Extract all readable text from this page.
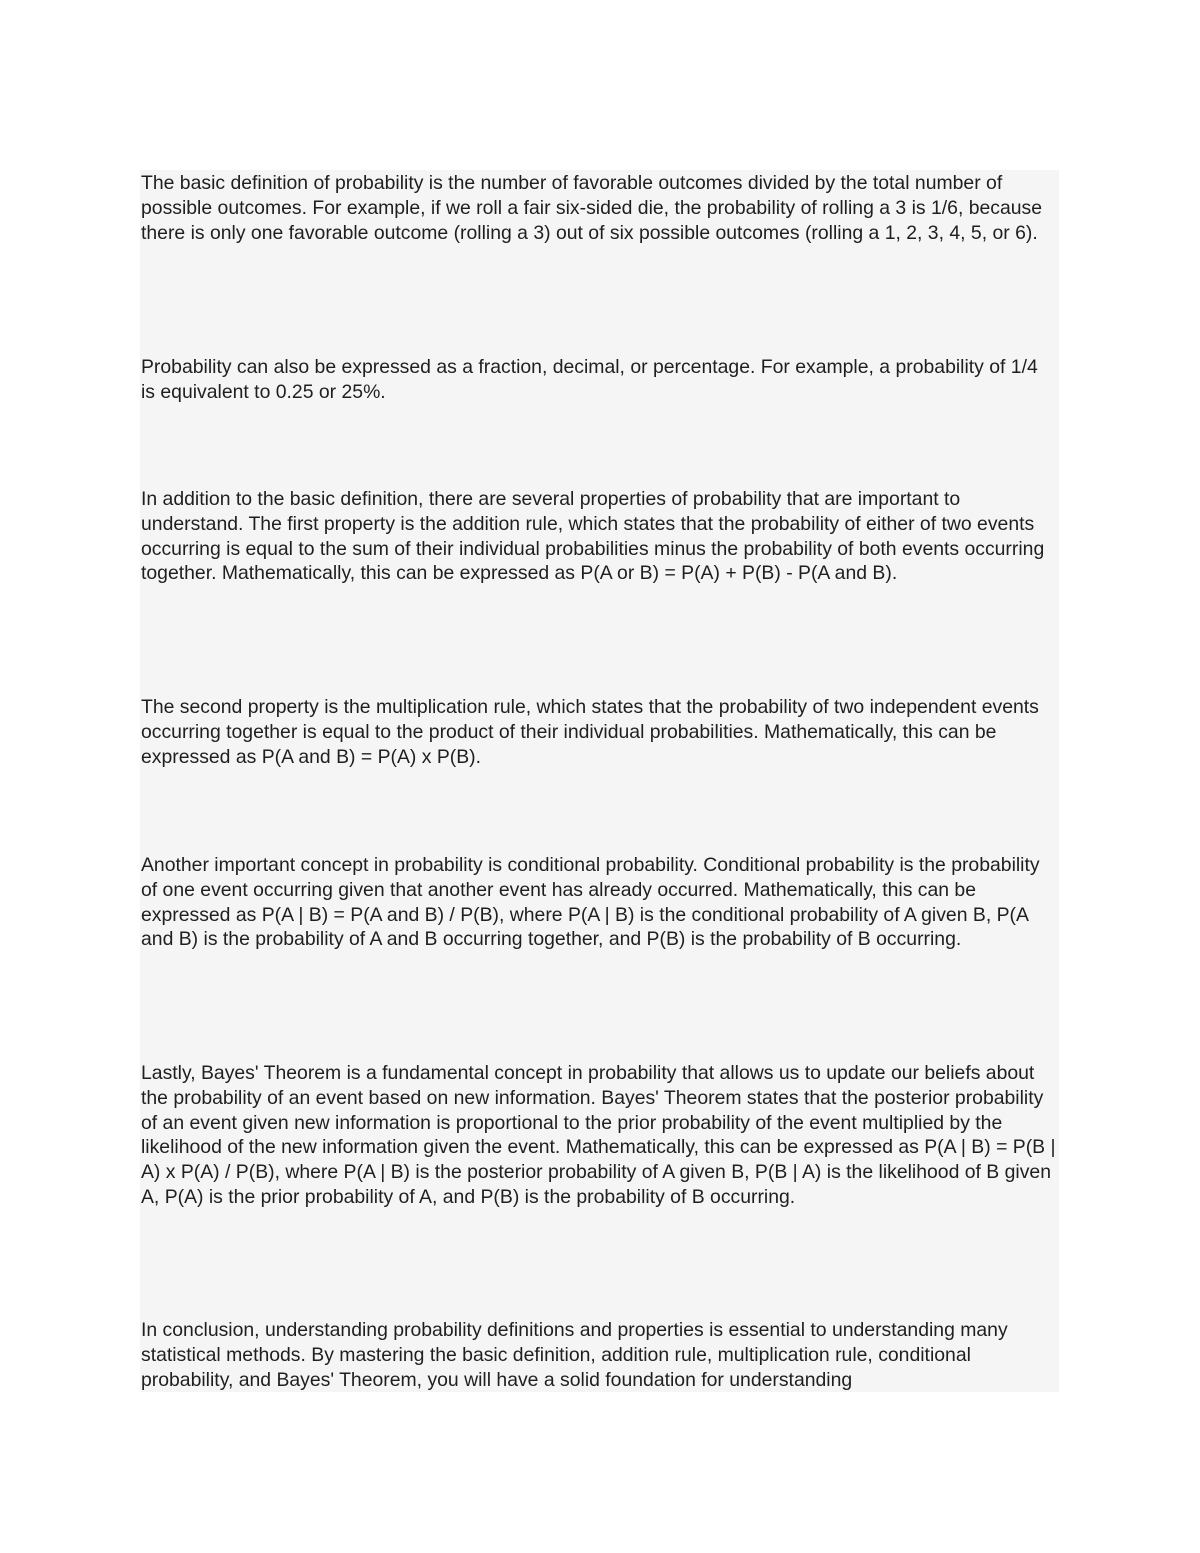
The basic definition of probability is the number of favorable outcomes divided by the total number of possible outcomes. For example, if we roll a fair six-sided die, the probability of rolling a 3 is 1/6, because there is only one favorable outcome (rolling a 3) out of six possible outcomes (rolling a 1, 2, 3, 4, 5, or 6).

Probability can also be expressed as a fraction, decimal, or percentage. For example, a probability of 1/4 is equivalent to 0.25 or 25%.

In addition to the basic definition, there are several properties of probability that are important to understand. The first property is the addition rule, which states that the probability of either of two events occurring is equal to the sum of their individual probabilities minus the probability of both events occurring together. Mathematically, this can be expressed as P(A or B) = P(A) + P(B) - P(A and B).

The second property is the multiplication rule, which states that the probability of two independent events occurring together is equal to the product of their individual probabilities. Mathematically, this can be expressed as P(A and B) = P(A) x P(B).

Another important concept in probability is conditional probability. Conditional probability is the probability of one event occurring given that another event has already occurred. Mathematically, this can be expressed as P(A | B) = P(A and B) / P(B), where P(A | B) is the conditional probability of A given B, P(A and B) is the probability of A and B occurring together, and P(B) is the probability of B occurring.

Lastly, Bayes' Theorem is a fundamental concept in probability that allows us to update our beliefs about the probability of an event based on new information. Bayes' Theorem states that the posterior probability of an event given new information is proportional to the prior probability of the event multiplied by the likelihood of the new information given the event. Mathematically, this can be expressed as P(A | B) = P(B | A) x P(A) / P(B), where P(A | B) is the posterior probability of A given B, P(B | A) is the likelihood of B given A, P(A) is the prior probability of A, and P(B) is the probability of B occurring.

In conclusion, understanding probability definitions and properties is essential to understanding many statistical methods. By mastering the basic definition, addition rule, multiplication rule, conditional probability, and Bayes' Theorem, you will have a solid foundation for understanding
